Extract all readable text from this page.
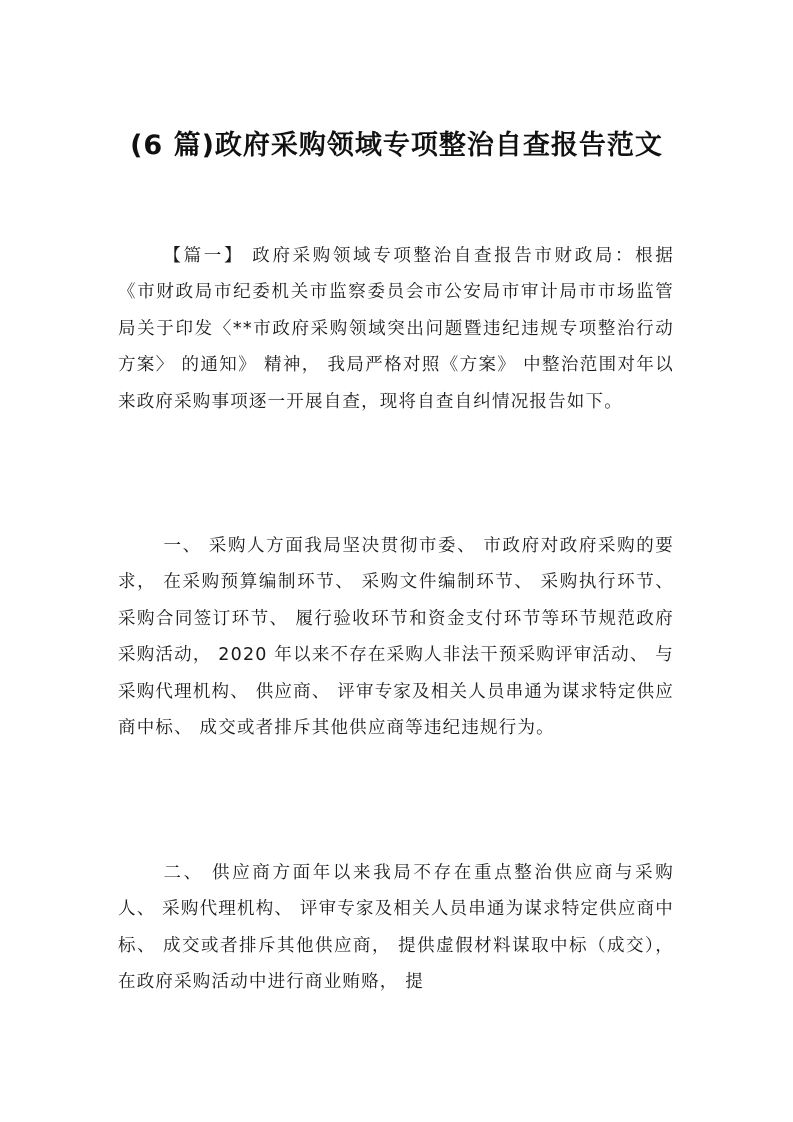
(6 篇)政府采购领域专项整治自查报告范文

【篇一】 政府采购领域专项整治自查报告市财政局：根据《市财政局市纪委机关市监察委员会市公安局市审计局市市场监管局关于印发〈**市政府采购领域突出问题暨违纪违规专项整治行动方案〉 的通知》 精神， 我局严格对照《方案》 中整治范围对年以来政府采购事项逐一开展自查，现将自查自纠情况报告如下。

一、 采购人方面我局坚决贯彻市委、 市政府对政府采购的要求， 在采购预算编制环节、 采购文件编制环节、 采购执行环节、 采购合同签订环节、 履行验收环节和资金支付环节等环节规范政府采购活动， 2020 年以来不存在采购人非法干预采购评审活动、 与采购代理机构、 供应商、 评审专家及相关人员串通为谋求特定供应商中标、 成交或者排斥其他供应商等违纪违规行为。

二、 供应商方面年以来我局不存在重点整治供应商与采购人、 采购代理机构、 评审专家及相关人员串通为谋求特定供应商中标、 成交或者排斥其他供应商， 提供虚假材料谋取中标（成交）， 在政府采购活动中进行商业贿赂， 提
